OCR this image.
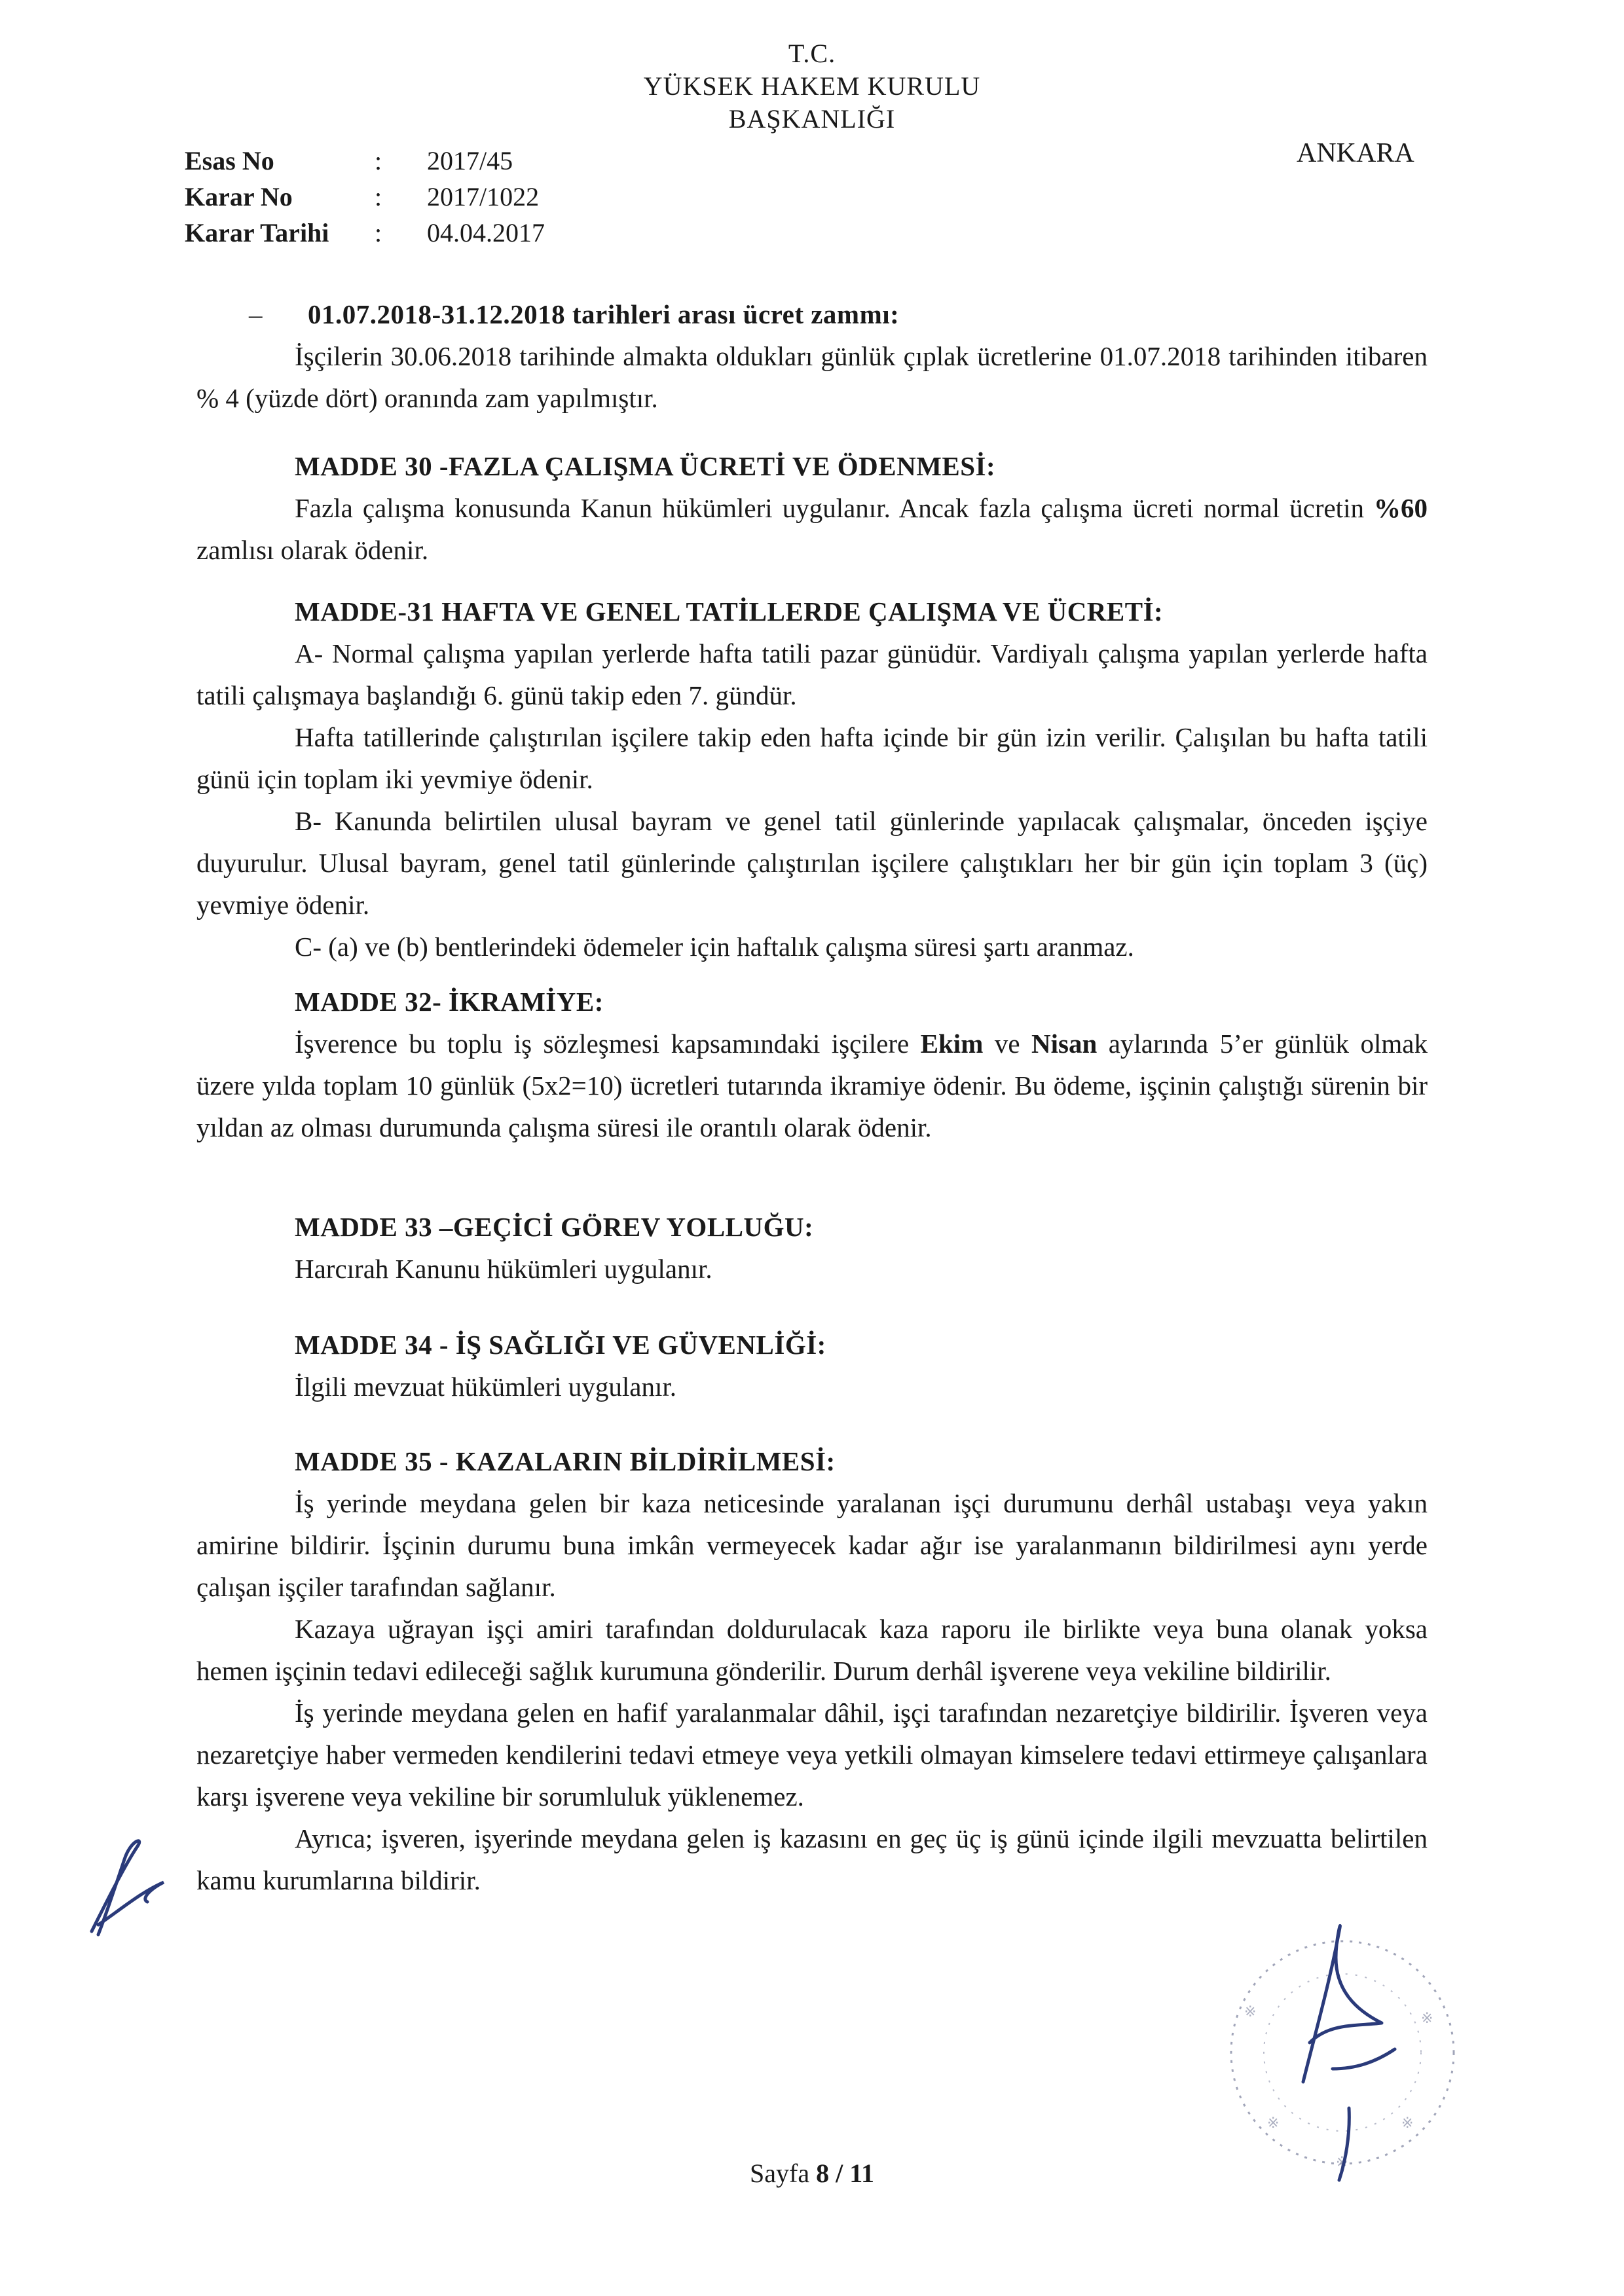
T.C.
YÜKSEK HAKEM KURULU
BAŞKANLIĞI
ANKARA
Esas No	: 2017/45
Karar No	: 2017/1022
Karar Tarihi : 04.04.2017
– 01.07.2018-31.12.2018 tarihleri arası ücret zammı:
İşçilerin 30.06.2018 tarihinde almakta oldukları günlük çıplak ücretlerine 01.07.2018 tarihinden itibaren % 4 (yüzde dört) oranında zam yapılmıştır.
MADDE 30 -FAZLA ÇALIŞMA ÜCRETİ VE ÖDENMESİ:
Fazla çalışma konusunda Kanun hükümleri uygulanır. Ancak fazla çalışma ücreti normal ücretin %60 zamlısı olarak ödenir.
MADDE-31 HAFTA VE GENEL TATİLLERDE ÇALIŞMA VE ÜCRETİ:
A- Normal çalışma yapılan yerlerde hafta tatili pazar günüdür. Vardiyalı çalışma yapılan yerlerde hafta tatili çalışmaya başlandığı 6. günü takip eden 7. gündür.
Hafta tatillerinde çalıştırılan işçilere takip eden hafta içinde bir gün izin verilir. Çalışılan bu hafta tatili günü için toplam iki yevmiye ödenir.
B- Kanunda belirtilen ulusal bayram ve genel tatil günlerinde yapılacak çalışmalar, önceden işçiye duyurulur. Ulusal bayram, genel tatil günlerinde çalıştırılan işçilere çalıştıkları her bir gün için toplam 3 (üç) yevmiye ödenir.
C- (a) ve (b) bentlerindeki ödemeler için haftalık çalışma süresi şartı aranmaz.
MADDE 32- İKRAMİYE:
İşverence bu toplu iş sözleşmesi kapsamındaki işçilere Ekim ve Nisan aylarında 5’er günlük olmak üzere yılda toplam 10 günlük (5x2=10) ücretleri tutarında ikramiye ödenir. Bu ödeme, işçinin çalıştığı sürenin bir yıldan az olması durumunda çalışma süresi ile orantılı olarak ödenir.
MADDE 33 –GEÇİCİ GÖREV YOLLUĞU:
Harcırah Kanunu hükümleri uygulanır.
MADDE 34 - İŞ SAĞLIĞI VE GÜVENLİĞİ:
İlgili mevzuat hükümleri uygulanır.
MADDE 35 - KAZALARIN BİLDİRİLMESİ:
İş yerinde meydana gelen bir kaza neticesinde yaralanan işçi durumunu derhâl ustabaşı veya yakın amirine bildirir. İşçinin durumu buna imkân vermeyecek kadar ağır ise yaralanmanın bildirilmesi aynı yerde çalışan işçiler tarafından sağlanır.
Kazaya uğrayan işçi amiri tarafından doldurulacak kaza raporu ile birlikte veya buna olanak yoksa hemen işçinin tedavi edileceği sağlık kurumuna gönderilir. Durum derhâl işverene veya vekiline bildirilir.
İş yerinde meydana gelen en hafif yaralanmalar dâhil, işçi tarafından nezaretçiye bildirilir. İşveren veya nezaretçiye haber vermeden kendilerini tedavi etmeye veya yetkili olmayan kimselere tedavi ettirmeye çalışanlara karşı işverene veya vekiline bir sorumluluk yüklenemez.
Ayrıca; işveren, işyerinde meydana gelen iş kazasını en geç üç iş günü içinde ilgili mevzuatta belirtilen kamu kurumlarına bildirir.
※	※
※	※
※
Sayfa 8 / 11
